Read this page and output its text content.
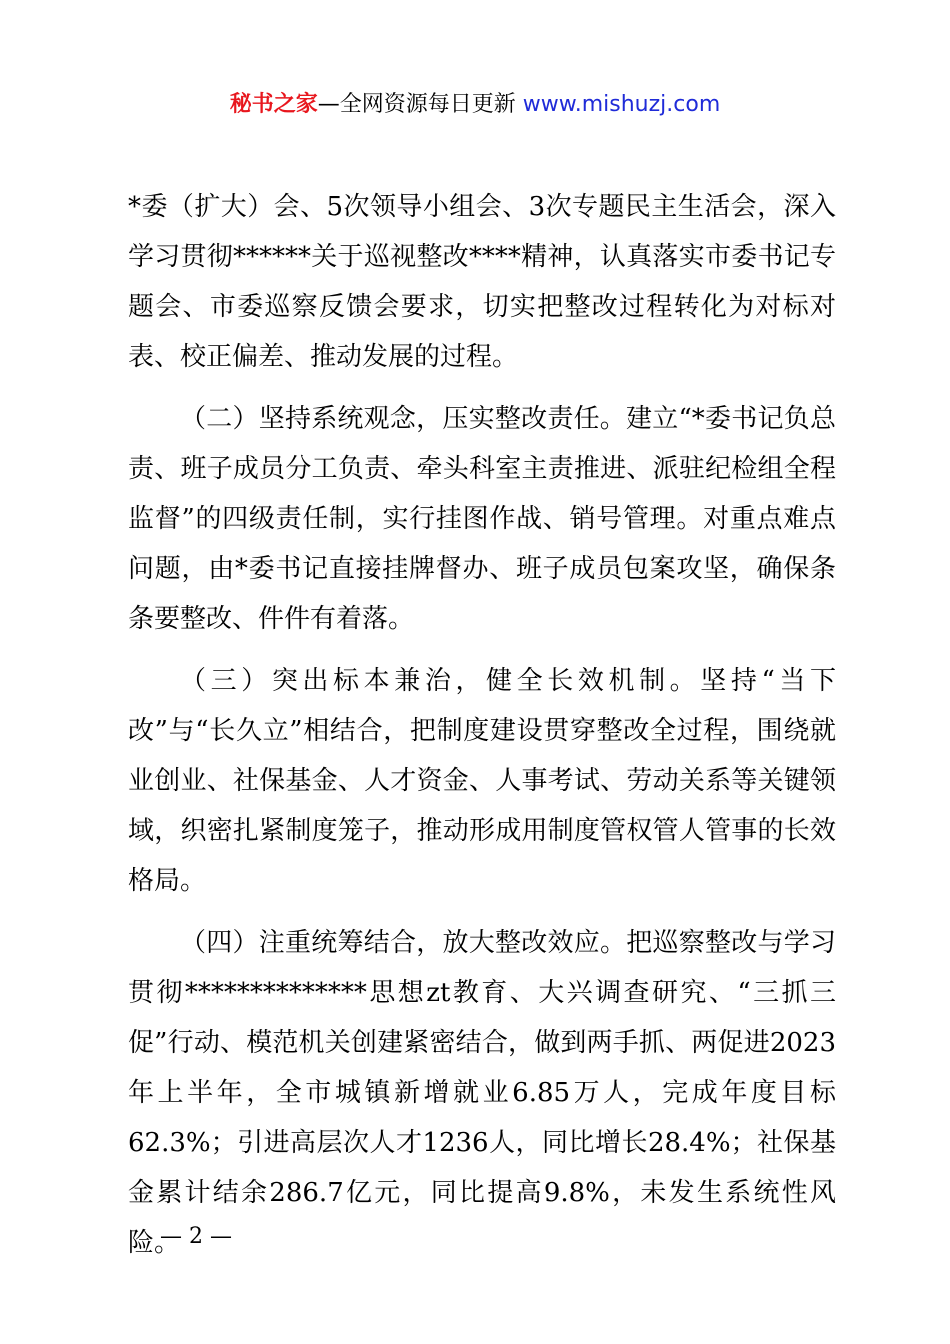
秘书之家—全网资源每日更新 www.mishuzj.com

*委（扩大）会、5次领导小组会、3次专题民主生活会，深入学习贯彻******关于巡视整改****精神，认真落实市委书记专题会、市委巡察反馈会要求，切实把整改过程转化为对标对表、校正偏差、推动发展的过程。

（二）坚持系统观念，压实整改责任。建立“*委书记负总责、班子成员分工负责、牵头科室主责推进、派驻纪检组全程监督”的四级责任制，实行挂图作战、销号管理。对重点难点问题，由*委书记直接挂牌督办、班子成员包案攻坚，确保条条要整改、件件有着落。

（三）突出标本兼治，健全长效机制。坚持“当下改”与“长久立”相结合，把制度建设贯穿整改全过程，围绕就业创业、社保基金、人才资金、人事考试、劳动关系等关键领域，织密扎紧制度笼子，推动形成用制度管权管人管事的长效格局。

（四）注重统筹结合，放大整改效应。把巡察整改与学习贯彻**************思想zt教育、大兴调查研究、“三抓三促”行动、模范机关创建紧密结合，做到两手抓、两促进2023年上半年，全市城镇新增就业6.85万人，完成年度目标62.3%；引进高层次人才1236人，同比增长28.4%；社保基金累计结余286.7亿元，同比提高9.8%，未发生系统性风险。

— 2 —
